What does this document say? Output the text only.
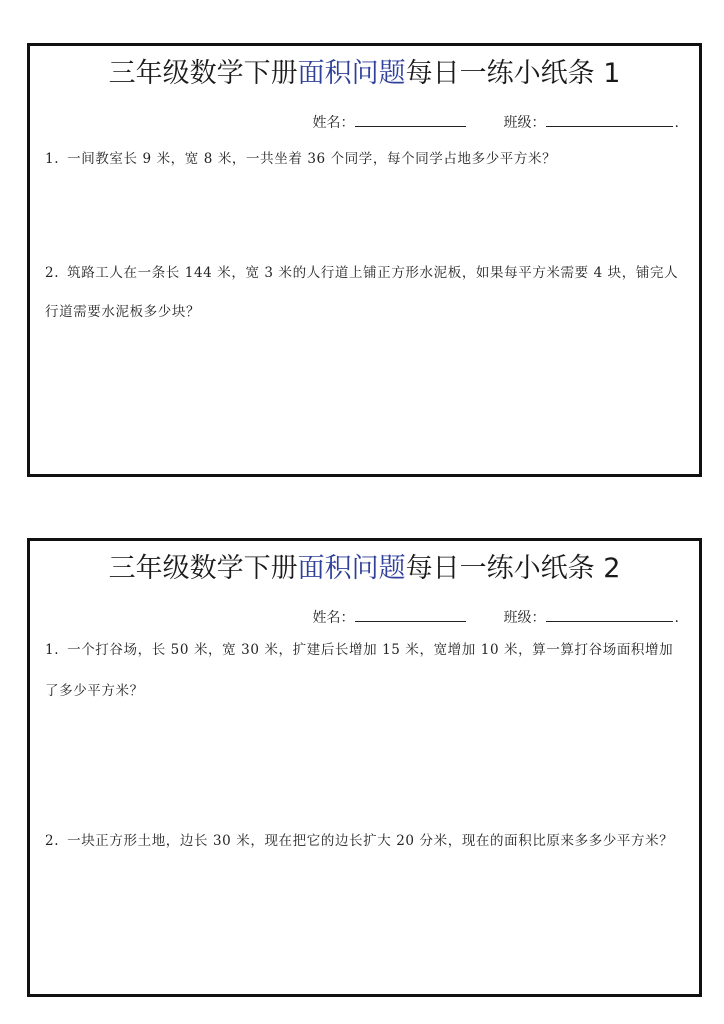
三年级数学下册面积问题每日一练小纸条 1
姓名：	班级：	.
1. 一间教室长 9 米，宽 8 米，一共坐着 36 个同学，每个同学占地多少平方米？
2. 筑路工人在一条长 144 米，宽 3 米的人行道上铺正方形水泥板，如果每平方米需要 4 块，铺完人行道需要水泥板多少块？
三年级数学下册面积问题每日一练小纸条 2
姓名：	班级：	.
1. 一个打谷场，长 50 米，宽 30 米，扩建后长增加 15 米，宽增加 10 米，算一算打谷场面积增加了多少平方米？
2. 一块正方形土地，边长 30 米，现在把它的边长扩大 20 分米，现在的面积比原来多多少平方米？
